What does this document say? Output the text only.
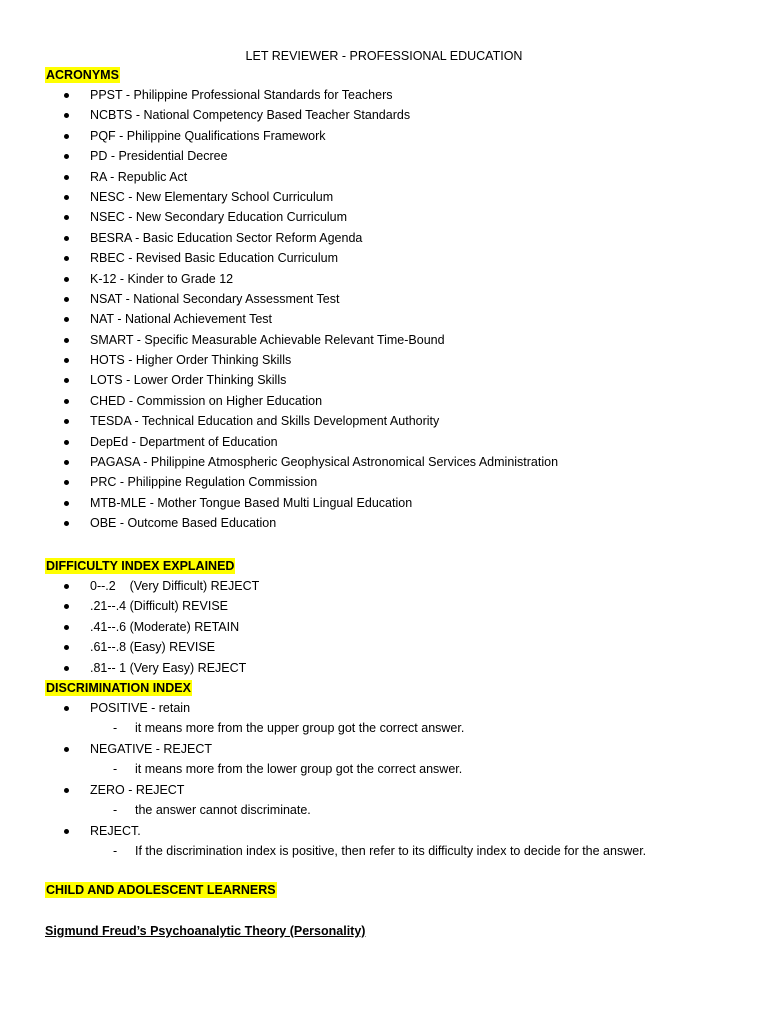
LET REVIEWER - PROFESSIONAL EDUCATION
ACRONYMS
PPST - Philippine Professional Standards for Teachers
NCBTS - National Competency Based Teacher Standards
PQF - Philippine Qualifications Framework
PD - Presidential Decree
RA - Republic Act
NESC - New Elementary School Curriculum
NSEC - New Secondary Education Curriculum
BESRA - Basic Education Sector Reform Agenda
RBEC - Revised Basic Education Curriculum
K-12 - Kinder to Grade 12
NSAT - National Secondary Assessment Test
NAT - National Achievement Test
SMART - Specific Measurable Achievable Relevant Time-Bound
HOTS - Higher Order Thinking Skills
LOTS - Lower Order Thinking Skills
CHED - Commission on Higher Education
TESDA - Technical Education and Skills Development Authority
DepEd - Department of Education
PAGASA - Philippine Atmospheric Geophysical Astronomical Services Administration
PRC - Philippine Regulation Commission
MTB-MLE - Mother Tongue Based Multi Lingual Education
OBE - Outcome Based Education
DIFFICULTY INDEX EXPLAINED
0--.2    (Very Difficult) REJECT
.21--.4 (Difficult) REVISE
.41--.6 (Moderate) RETAIN
.61--.8 (Easy) REVISE
.81-- 1 (Very Easy) REJECT
DISCRIMINATION INDEX
POSITIVE - retain
- it means more from the upper group got the correct answer.
NEGATIVE - REJECT
- it means more from the lower group got the correct answer.
ZERO - REJECT
- the answer cannot discriminate.
REJECT.
- If the discrimination index is positive, then refer to its difficulty index to decide for the answer.
CHILD AND ADOLESCENT LEARNERS
Sigmund Freud’s Psychoanalytic Theory (Personality)
